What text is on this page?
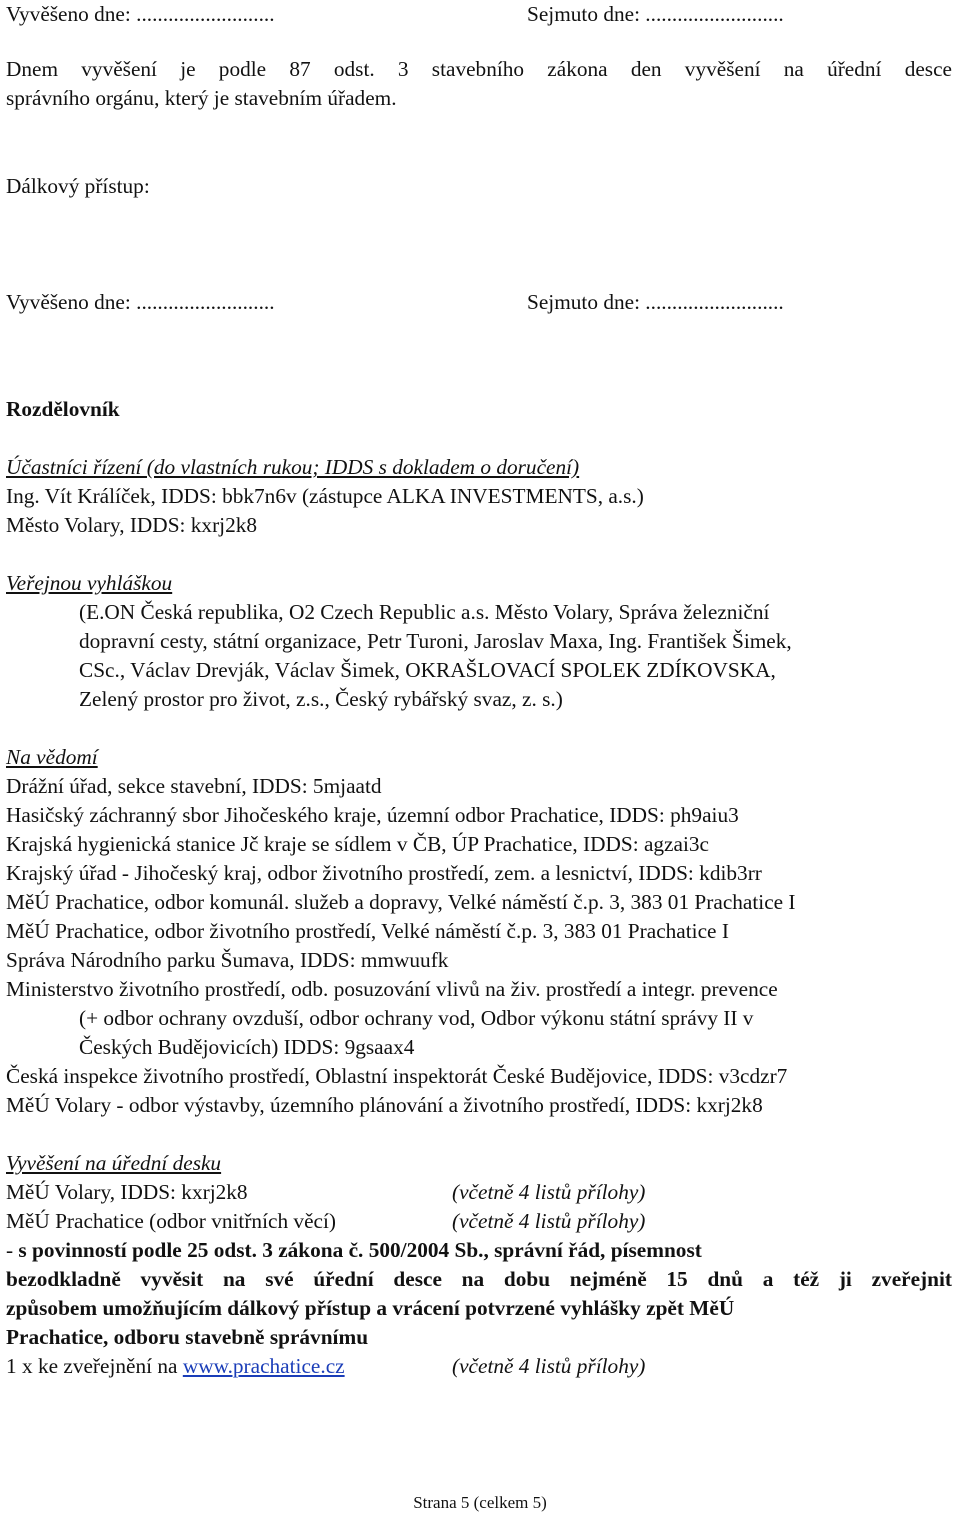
Vyvěšeno dne: ..........................	Sejmuto dne: ..........................
Dnem vyvěšení je podle 87 odst. 3 stavebního zákona den vyvěšení na úřední desce
správního orgánu, který je stavebním úřadem.
Dálkový přístup:
Vyvěšeno dne: ..........................	Sejmuto dne: ..........................
Rozdělovník
Účastníci řízení (do vlastních rukou; IDDS s dokladem o doručení)
Ing. Vít Králíček, IDDS: bbk7n6v (zástupce ALKA INVESTMENTS, a.s.)
Město Volary, IDDS: kxrj2k8
Veřejnou vyhláškou
(E.ON Česká republika, O2 Czech Republic a.s. Město Volary, Správa železniční
dopravní cesty, státní organizace, Petr Turoni, Jaroslav Maxa, Ing. František Šimek,
CSc., Václav Drevják, Václav Šimek, OKRAŠLOVACÍ SPOLEK ZDÍKOVSKA,
Zelený prostor pro život, z.s., Český rybářský svaz, z. s.)
Na vědomí
Drážní úřad, sekce stavební, IDDS: 5mjaatd
Hasičský záchranný sbor Jihočeského kraje, územní odbor Prachatice, IDDS: ph9aiu3
Krajská hygienická stanice Jč kraje se sídlem v ČB, ÚP Prachatice, IDDS: agzai3c
Krajský úřad - Jihočeský kraj, odbor životního prostředí, zem. a lesnictví, IDDS: kdib3rr
MěÚ Prachatice, odbor komunál. služeb a dopravy, Velké náměstí č.p. 3, 383 01 Prachatice I
MěÚ Prachatice, odbor životního prostředí, Velké náměstí č.p. 3, 383 01 Prachatice I
Správa Národního parku Šumava, IDDS: mmwuufk
Ministerstvo životního prostředí, odb. posuzování vlivů na živ. prostředí a integr. prevence
(+ odbor ochrany ovzduší, odbor ochrany vod, Odbor výkonu státní správy II v
Českých Budějovicích) IDDS: 9gsaax4
Česká inspekce životního prostředí, Oblastní inspektorát České Budějovice, IDDS: v3cdzr7
MěÚ Volary - odbor výstavby, územního plánování a životního prostředí, IDDS: kxrj2k8
Vyvěšení na úřední desku
MěÚ Volary, IDDS: kxrj2k8	(včetně 4 listů přílohy)
MěÚ Prachatice (odbor vnitřních věcí)	(včetně 4 listů přílohy)
- s povinností podle 25 odst. 3 zákona č. 500/2004 Sb., správní řád, písemnost
bezodkladně vyvěsit na své úřední desce na dobu nejméně 15 dnů a též ji zveřejnit
způsobem umožňujícím dálkový přístup a vrácení potvrzené vyhlášky zpět MěÚ
Prachatice, odboru stavebně správnímu
1 x ke zveřejnění na www.prachatice.cz	(včetně 4 listů přílohy)
Strana 5 (celkem 5)
